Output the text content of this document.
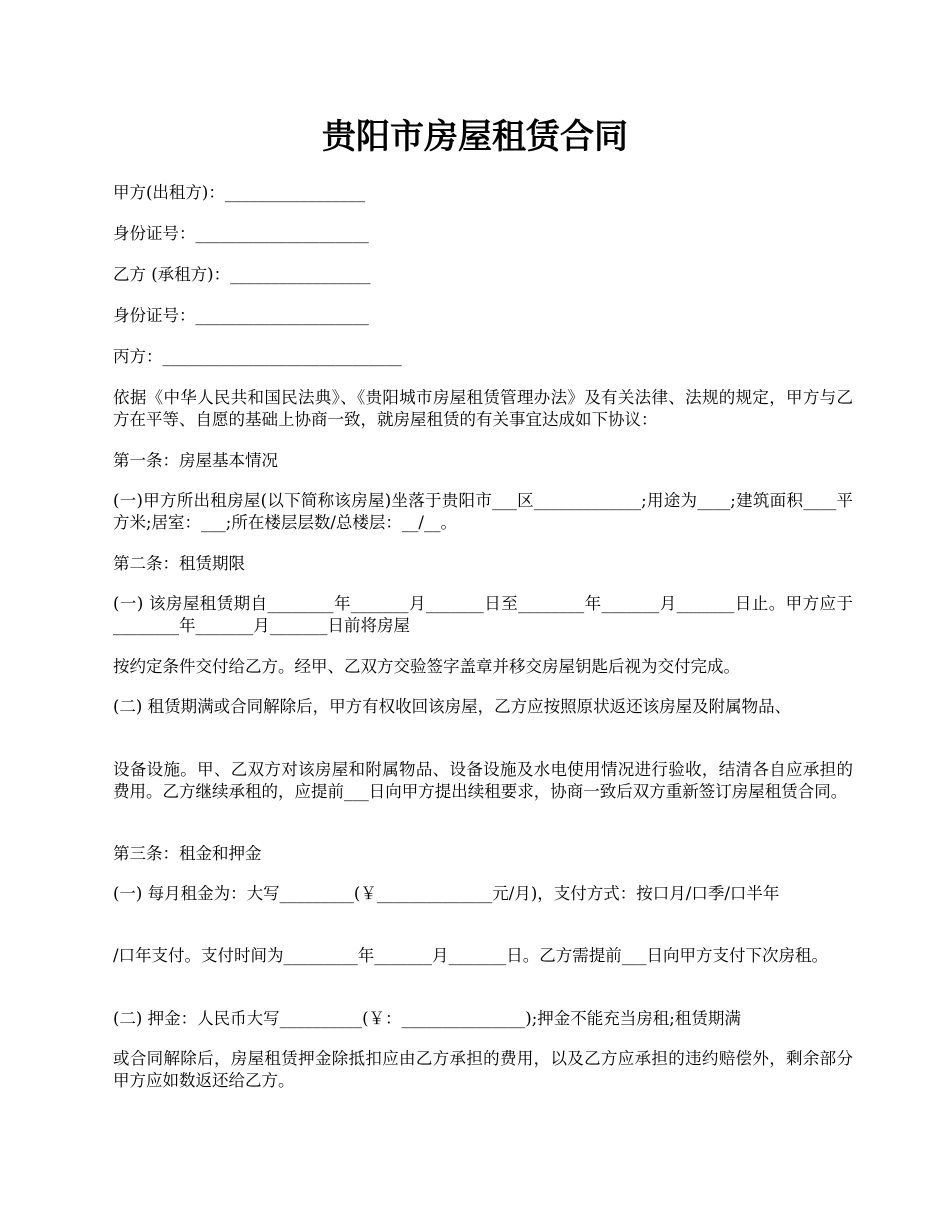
贵阳市房屋租赁合同
甲方(出租方)：_________________
身份证号：_____________________
乙方 (承租方)：_________________
身份证号：_____________________
丙方：_____________________________
依据《中华人民共和国民法典》、《贵阳城市房屋租赁管理办法》及有关法律、法规的规定，甲方与乙方在平等、自愿的基础上协商一致，就房屋租赁的有关事宜达成如下协议：
第一条：房屋基本情况
(一)甲方所出租房屋(以下简称该房屋)坐落于贵阳市___区_____________;用途为____;建筑面积____平方米;居室：___;所在楼层层数/总楼层：__/__。
第二条：租赁期限
(一) 该房屋租赁期自________年_______月_______日至________年_______月_______日止。甲方应于________年_______月_______日前将房屋
按约定条件交付给乙方。经甲、乙双方交验签字盖章并移交房屋钥匙后视为交付完成。
(二) 租赁期满或合同解除后，甲方有权收回该房屋，乙方应按照原状返还该房屋及附属物品、
设备设施。甲、乙双方对该房屋和附属物品、设备设施及水电使用情况进行验收，结清各自应承担的费用。乙方继续承租的，应提前___日向甲方提出续租要求，协商一致后双方重新签订房屋租赁合同。
第三条：租金和押金
(一) 每月租金为：大写_________(￥______________元/月)，支付方式：按口月/口季/口半年
/口年支付。支付时间为_________年_______月_______日。乙方需提前___日向甲方支付下次房租。
(二) 押金：人民币大写__________(￥：_______________);押金不能充当房租;租赁期满
或合同解除后，房屋租赁押金除抵扣应由乙方承担的费用，以及乙方应承担的违约赔偿外，剩余部分甲方应如数返还给乙方。
